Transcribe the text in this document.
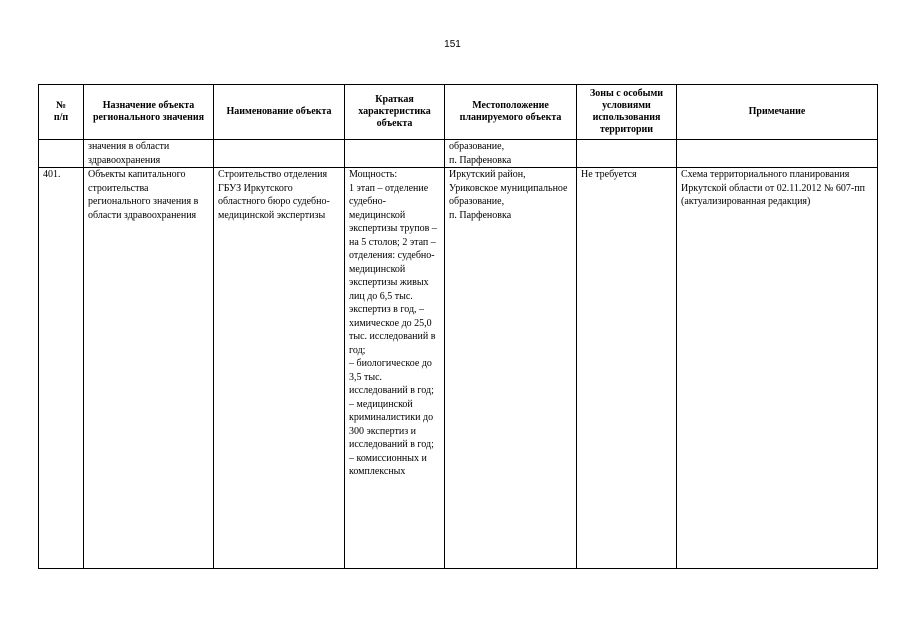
151
№
п/п	Назначение объекта регионального значения	Наименование объекта	Краткая характеристика объекта	Местоположение планируемого объекта	Зоны с особыми условиями использования территории	Примечание
	значения в области здравоохранения			образование,
п. Парфеновка		
401.	Объекты капитального строительства регионального значения в области здравоохранения	Строительство отделения ГБУЗ Иркутского областного бюро судебно-медицинской экспертизы	Мощность:
1 этап – отделение судебно-медицинской экспертизы трупов – на 5 столов; 2 этап – отделения: судебно-медицинской экспертизы живых лиц до 6,5 тыс. экспертиз в год, – химическое до 25,0 тыс. исследований в год;
– биологическое до 3,5 тыс. исследований в год;
– медицинской криминалистики до 300 экспертиз и исследований в год;
– комиссионных и комплексных	Иркутский район, Уриковское муниципальное образование,
п. Парфеновка	Не требуется	Схема территориального планирования Иркутской области от 02.11.2012 № 607-пп (актуализированная редакция)
